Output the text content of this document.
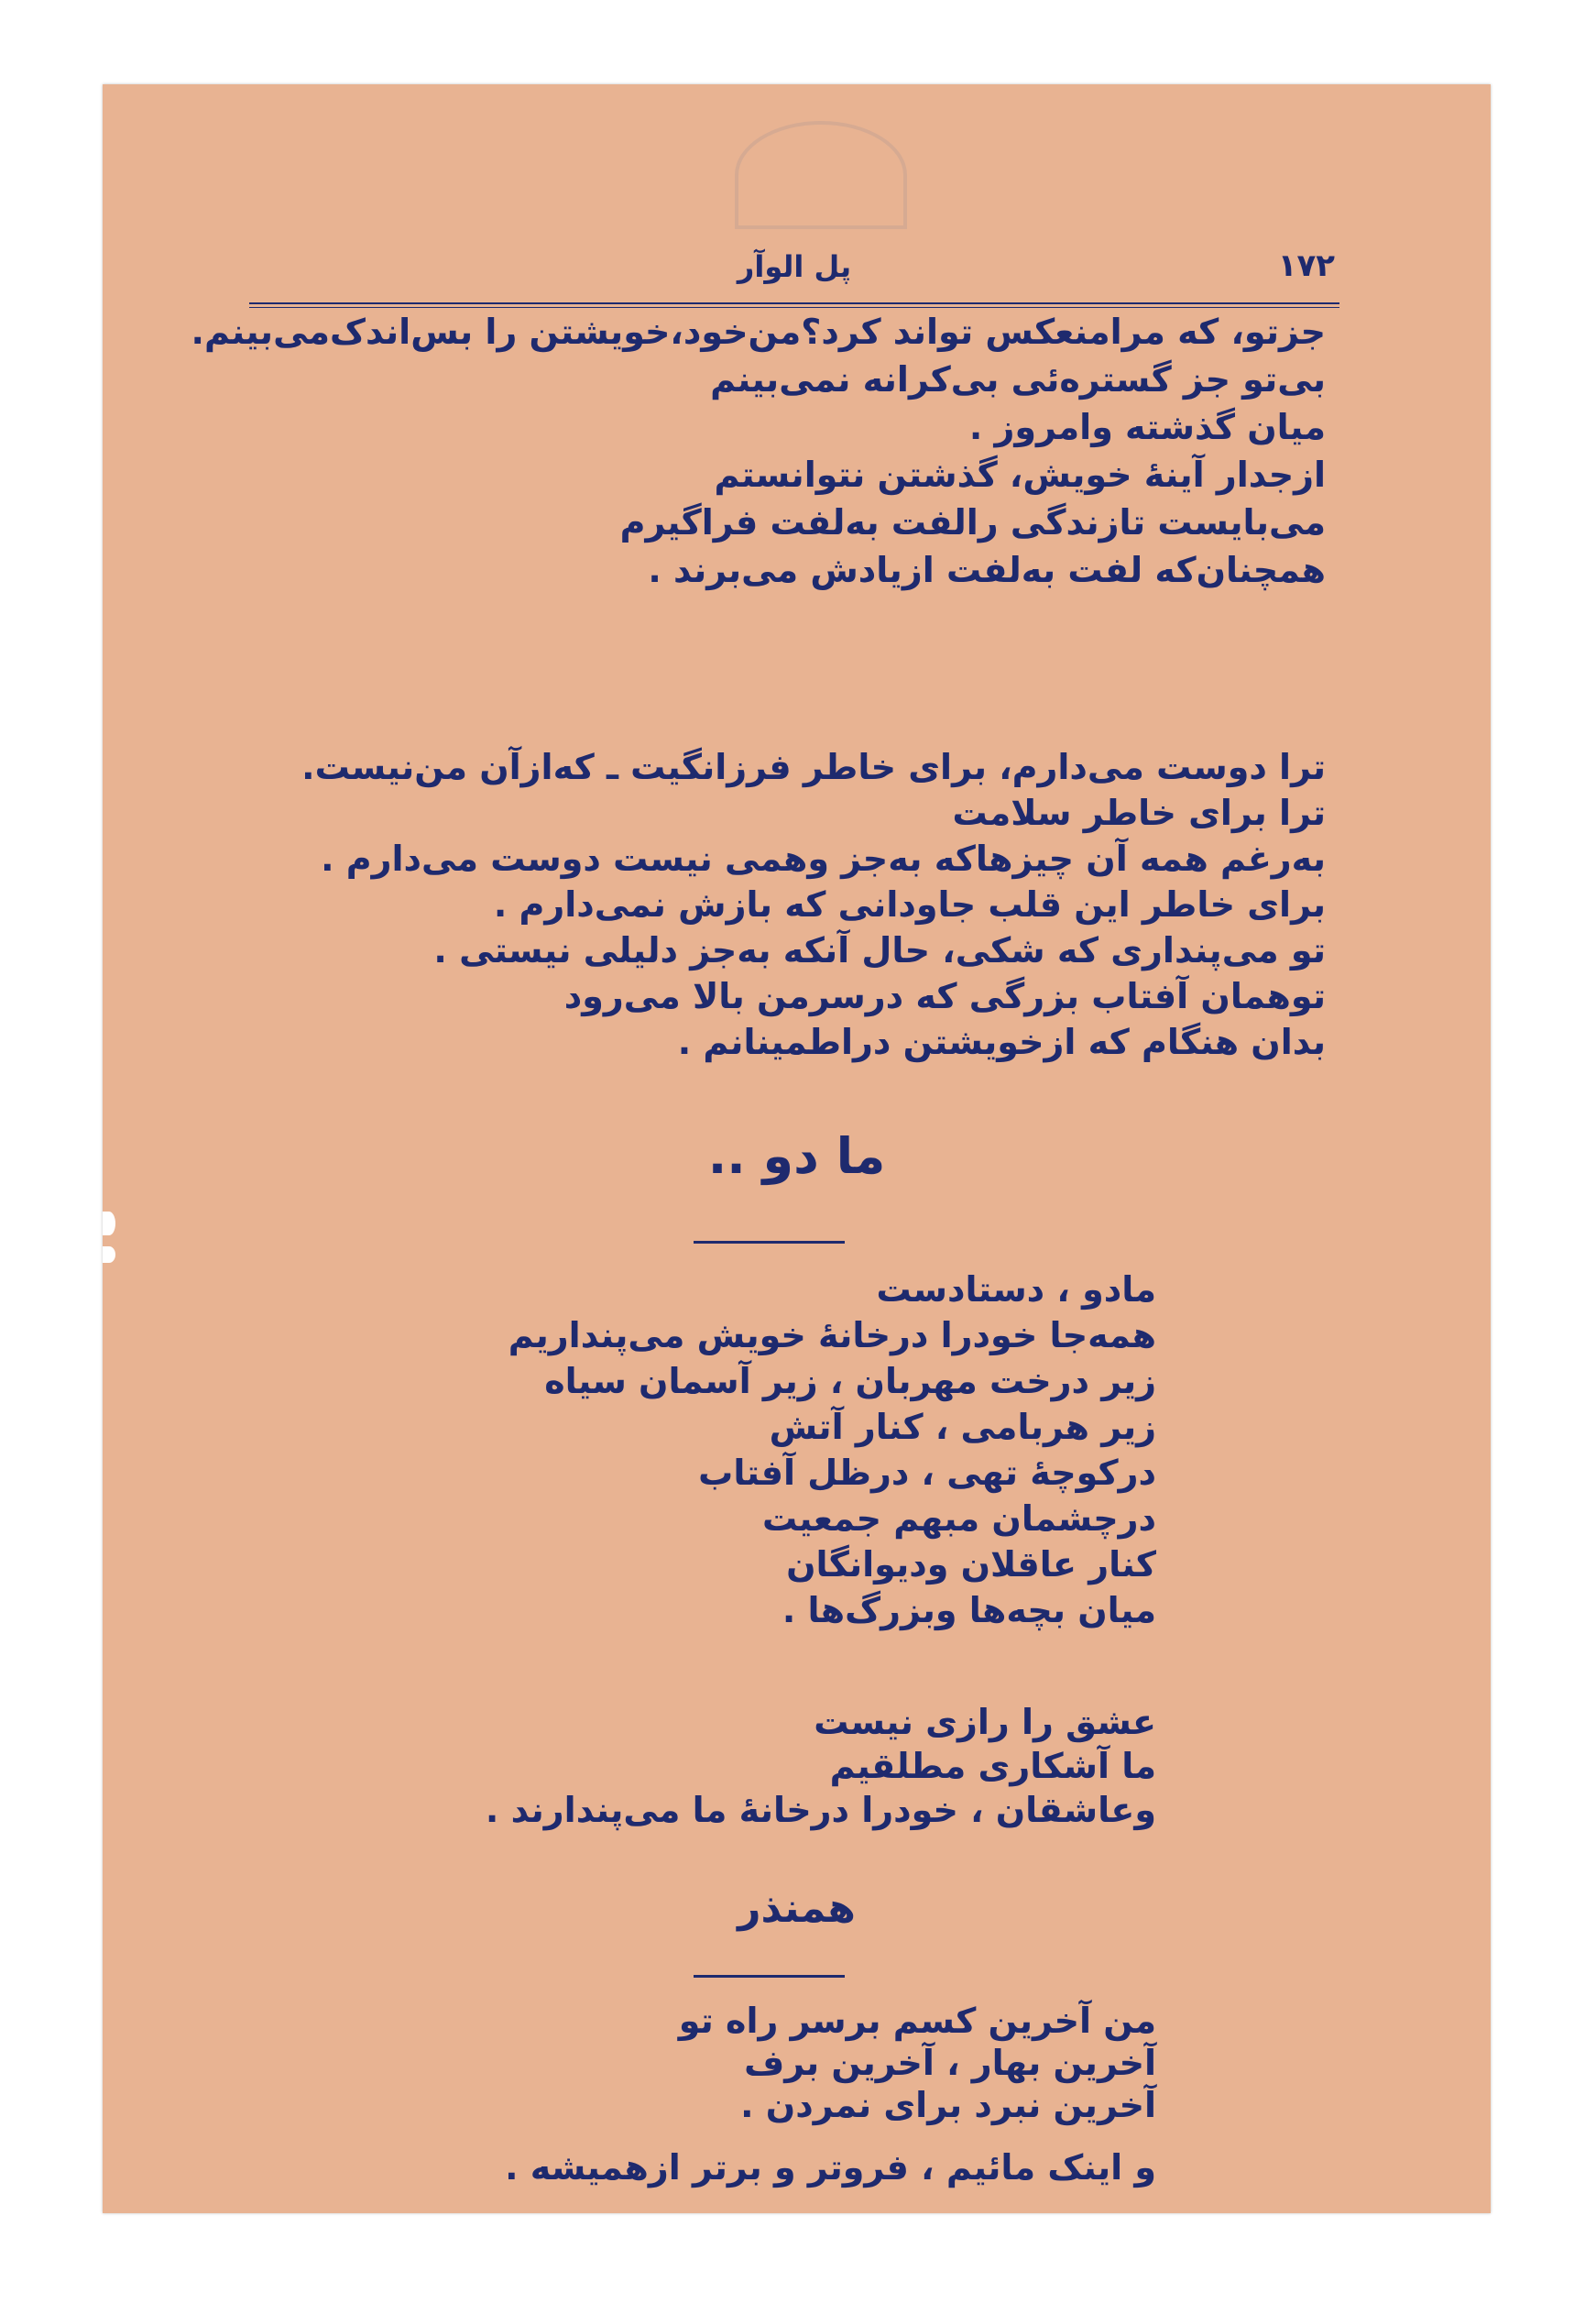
۱۷۲
پل الوآر
جزتو، که مرامنعکس تواند کرد؟من‌خود،خویشتن را بس‌اندک‌می‌بینم.
بی‌تو جز گستره‌ئی بی‌کرانه نمی‌بینم
میان گذشته وامروز .
ازجدار آینهٔ خویش، گذشتن نتوانستم
می‌بایست تازندگی رالفت به‌لفت فراگیرم
همچنان‌که لفت به‌لفت ازیادش می‌برند .
ترا دوست می‌دارم، برای خاطر فرزانگیت ـ که‌ازآن من‌نیست.
ترا برای خاطر سلامت
به‌رغم همه آن چیزهاکه به‌جز وهمی نیست دوست می‌دارم .
برای خاطر این قلب جاودانی که بازش نمی‌دارم .
تو می‌پنداری که شکی، حال آنکه به‌جز دلیلی نیستی .
توهمان آفتاب بزرگی که درسرمن بالا می‌رود
بدان هنگام که ازخویشتن دراطمینانم .
ما دو ..
مادو ، دستادست
همه‌جا خودرا درخانهٔ خویش می‌پنداریم
زیر درخت مهربان ، زیر آسمان سیاه
زیر هربامی ، کنار آتش
درکوچهٔ تهی ، درظل آفتاب
درچشمان مبهم جمعیت
کنار عاقلان ودیوانگان
میان بچه‌ها وبزرگ‌ها .
عشق را رازی نیست
ما آشکاری مطلقیم
وعاشقان ، خودرا درخانهٔ ما می‌پندارند .
همنذر
من آخرین کسم برسر راه تو
آخرین بهار ، آخرین برف
آخرین نبرد برای نمردن .
و اینک مائیم ، فروتر و برتر ازهمیشه .
